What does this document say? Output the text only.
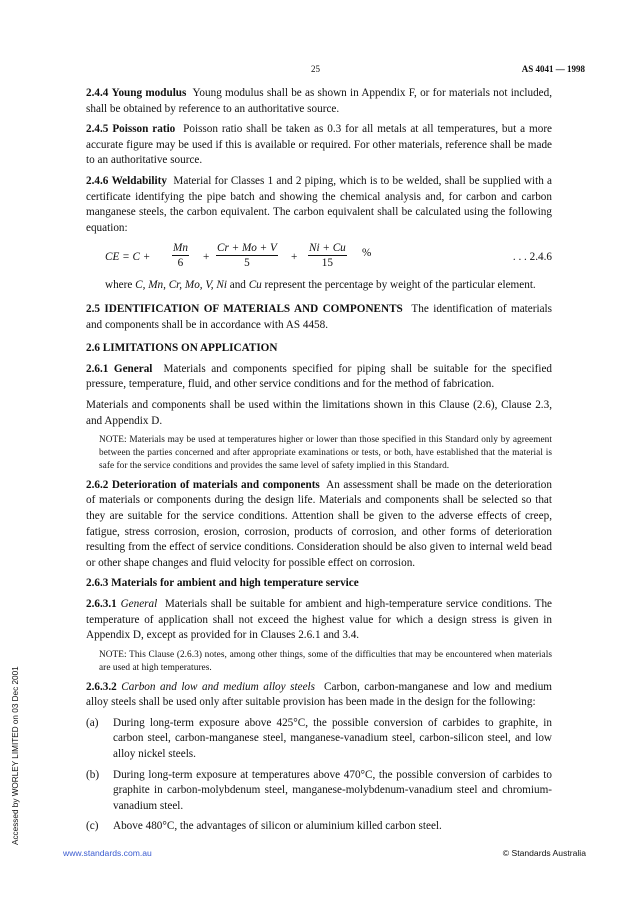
25	AS 4041 — 1998

2.4.4 Young modulus Young modulus shall be as shown in Appendix F, or for materials not included, shall be obtained by reference to an authoritative source.

2.4.5 Poisson ratio Poisson ratio shall be taken as 0.3 for all metals at all temperatures, but a more accurate figure may be used if this is available or required. For other materials, reference shall be made to an authoritative source.

2.4.6 Weldability Material for Classes 1 and 2 piping, which is to be welded, shall be supplied with a certificate identifying the pipe batch and showing the chemical analysis and, for carbon and carbon manganese steels, the carbon equivalent. The carbon equivalent shall be calculated using the following equation:

CE = $C + \frac{Mn}{6} + \frac{Cr + Mo + V}{5} + \frac{Ni + Cu}{15}$ %	. . . 2.4.6

where C, Mn, Cr, Mo, V, Ni and Cu represent the percentage by weight of the particular element.

2.5 IDENTIFICATION OF MATERIALS AND COMPONENTS The identification of materials and components shall be in accordance with AS 4458.

2.6 LIMITATIONS ON APPLICATION

2.6.1 General Materials and components specified for piping shall be suitable for the specified pressure, temperature, fluid, and other service conditions and for the method of fabrication.

Materials and components shall be used within the limitations shown in this Clause (2.6), Clause 2.3, and Appendix D.

NOTE: Materials may be used at temperatures higher or lower than those specified in this Standard only by agreement between the parties concerned and after appropriate examinations or tests, or both, have established that the material is safe for the service conditions and provides the same level of safety implied in this Standard.

2.6.2 Deterioration of materials and components An assessment shall be made on the deterioration of materials or components during the design life. Materials and components shall be selected so that they are suitable for the service conditions. Attention shall be given to the adverse effects of creep, fatigue, stress corrosion, erosion, corrosion, products of corrosion, and other forms of deterioration resulting from the effect of service conditions. Consideration should be also given to internal weld bead or other shape changes and fluid velocity for possible effect on corrosion.

2.6.3 Materials for ambient and high temperature service

2.6.3.1 General Materials shall be suitable for ambient and high-temperature service conditions. The temperature of application shall not exceed the highest value for which a design stress is given in Appendix D, except as provided for in Clauses 2.6.1 and 3.4.

NOTE: This Clause (2.6.3) notes, among other things, some of the difficulties that may be encountered when materials are used at high temperatures.

2.6.3.2 Carbon and low and medium alloy steels Carbon, carbon-manganese and low and medium alloy steels shall be used only after suitable provision has been made in the design for the following:

(a)	During long-term exposure above 425°C, the possible conversion of carbides to graphite, in carbon steel, carbon-manganese steel, manganese-vanadium steel, carbon-silicon steel, and low alloy nickel steels.
(b)	During long-term exposure at temperatures above 470°C, the possible conversion of carbides to graphite in carbon-molybdenum steel, manganese-molybdenum-vanadium steel and chromium-vanadium steel.
(c)	Above 480°C, the advantages of silicon or aluminium killed carbon steel.
Accessed by WORLEY LIMITED on 03 Dec 2001
www.standards.com.au	© Standards Australia
